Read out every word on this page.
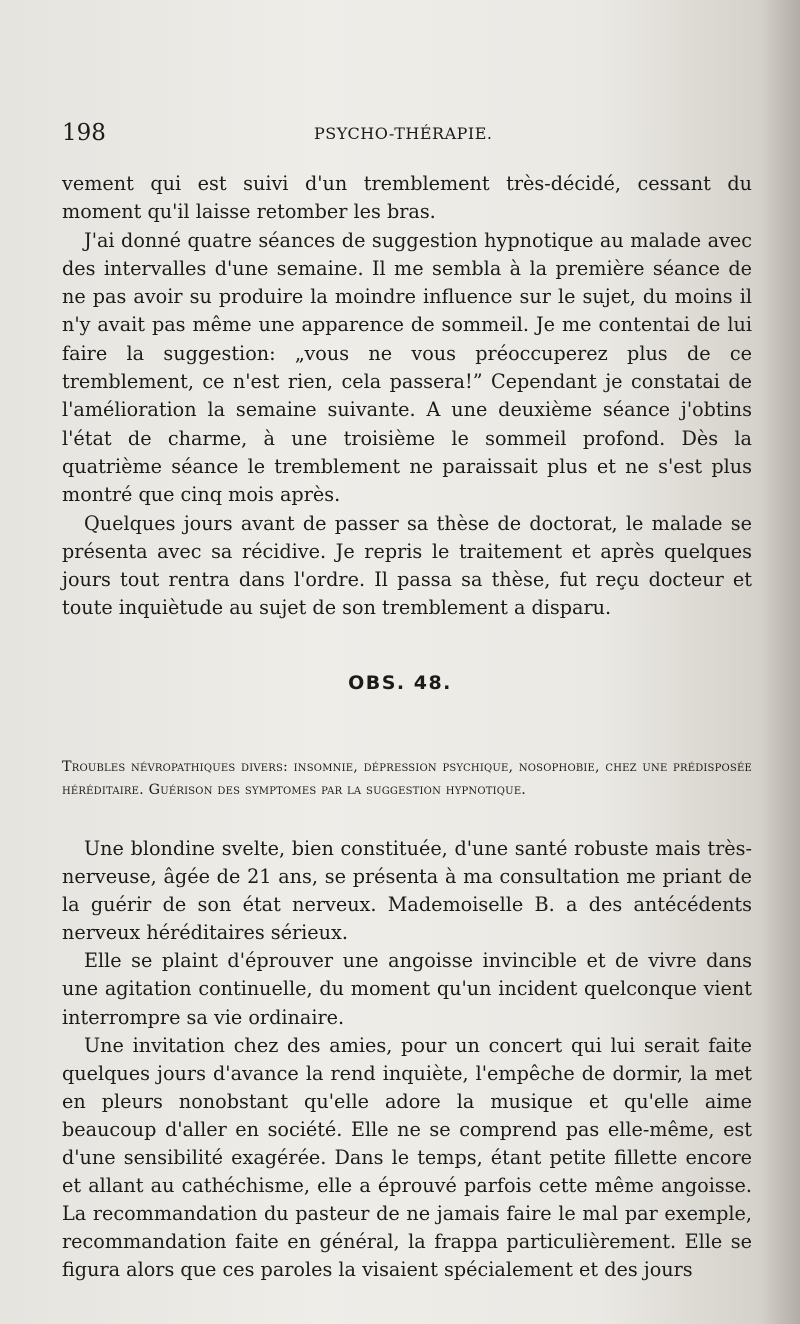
198	PSYCHO-THÉRAPIE.

vement qui est suivi d'un tremblement très-décidé, cessant du moment qu'il laisse retomber les bras.

J'ai donné quatre séances de suggestion hypnotique au malade avec des intervalles d'une semaine. Il me sembla à la première séance de ne pas avoir su produire la moindre influence sur le sujet, du moins il n'y avait pas même une apparence de sommeil. Je me contentai de lui faire la suggestion: „vous ne vous préoccuperez plus de ce tremblement, ce n'est rien, cela passera!” Cependant je constatai de l'amélioration la semaine suivante. A une deuxième séance j'obtins l'état de charme, à une troisième le sommeil profond. Dès la quatrième séance le tremblement ne paraissait plus et ne s'est plus montré que cinq mois après.

Quelques jours avant de passer sa thèse de doctorat, le malade se présenta avec sa récidive. Je repris le traitement et après quelques jours tout rentra dans l'ordre. Il passa sa thèse, fut reçu docteur et toute inquiètude au sujet de son tremblement a disparu.

OBS. 48.
Troubles névropathiques divers: insomnie, dépression psychique, nosophobie, chez une prédisposée héréditaire. Guérison des symptomes par la suggestion hypnotique.

Une blondine svelte, bien constituée, d'une santé robuste mais très-nerveuse, âgée de 21 ans, se présenta à ma consultation me priant de la guérir de son état nerveux. Mademoiselle B. a des antécédents nerveux héréditaires sérieux.

Elle se plaint d'éprouver une angoisse invincible et de vivre dans une agitation continuelle, du moment qu'un incident quelconque vient interrompre sa vie ordinaire.

Une invitation chez des amies, pour un concert qui lui serait faite quelques jours d'avance la rend inquiète, l'empêche de dormir, la met en pleurs nonobstant qu'elle adore la musique et qu'elle aime beaucoup d'aller en société. Elle ne se comprend pas elle-même, est d'une sensibilité exagérée. Dans le temps, étant petite fillette encore et allant au cathéchisme, elle a éprouvé parfois cette même angoisse. La recommandation du pasteur de ne jamais faire le mal par exemple, recommandation faite en général, la frappa particulièrement. Elle se figura alors que ces paroles la visaient spécialement et des jours
